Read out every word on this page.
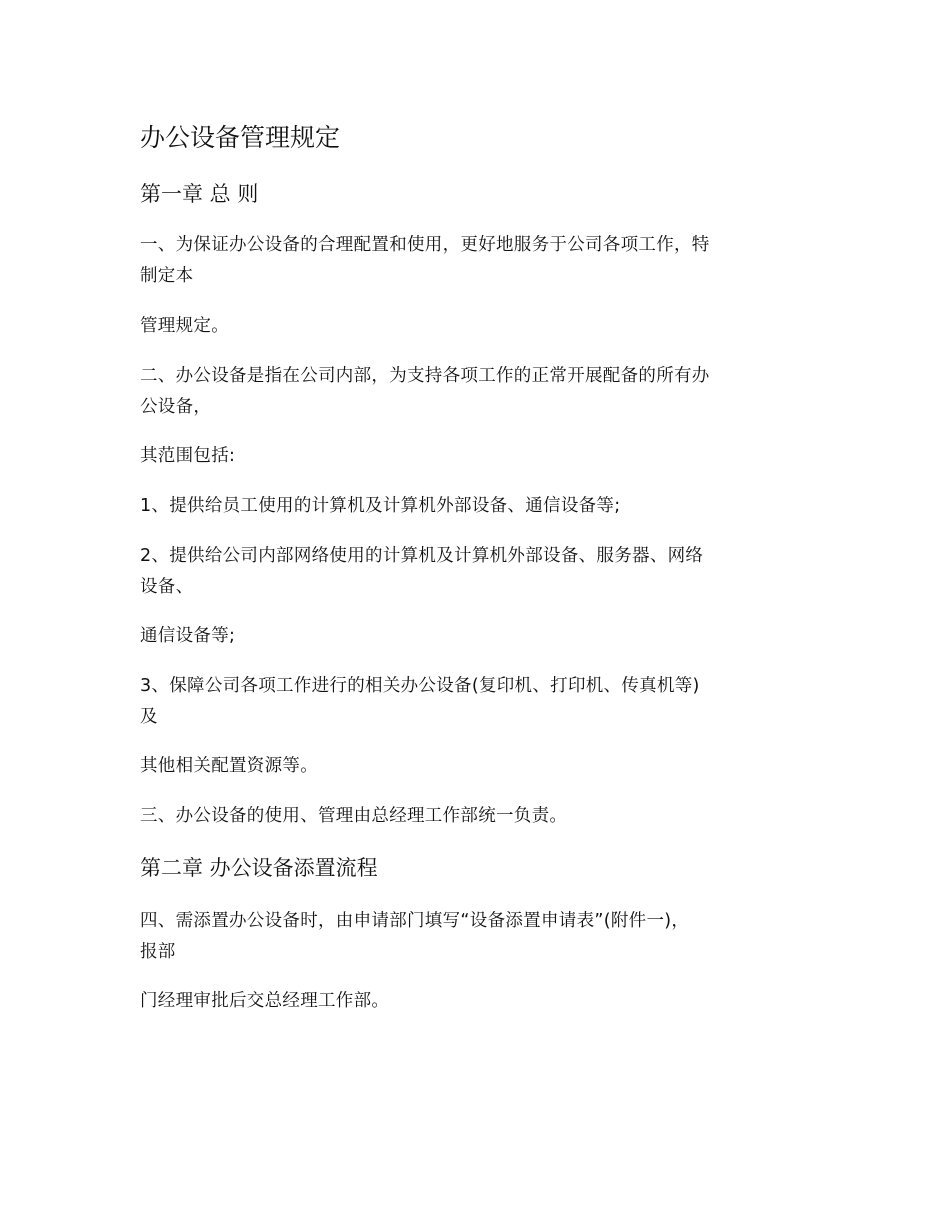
办公设备管理规定
第一章 总 则
一、为保证办公设备的合理配置和使用，更好地服务于公司各项工作，特
制定本
管理规定。
二、办公设备是指在公司内部，为支持各项工作的正常开展配备的所有办
公设备，
其范围包括:
1、提供给员工使用的计算机及计算机外部设备、通信设备等;
2、提供给公司内部网络使用的计算机及计算机外部设备、服务器、网络
设备、
通信设备等;
3、保障公司各项工作进行的相关办公设备(复印机、打印机、传真机等)
及
其他相关配置资源等。
三、办公设备的使用、管理由总经理工作部统一负责。
第二章 办公设备添置流程
四、需添置办公设备时，由申请部门填写“设备添置申请表”(附件一)，
报部
门经理审批后交总经理工作部。
